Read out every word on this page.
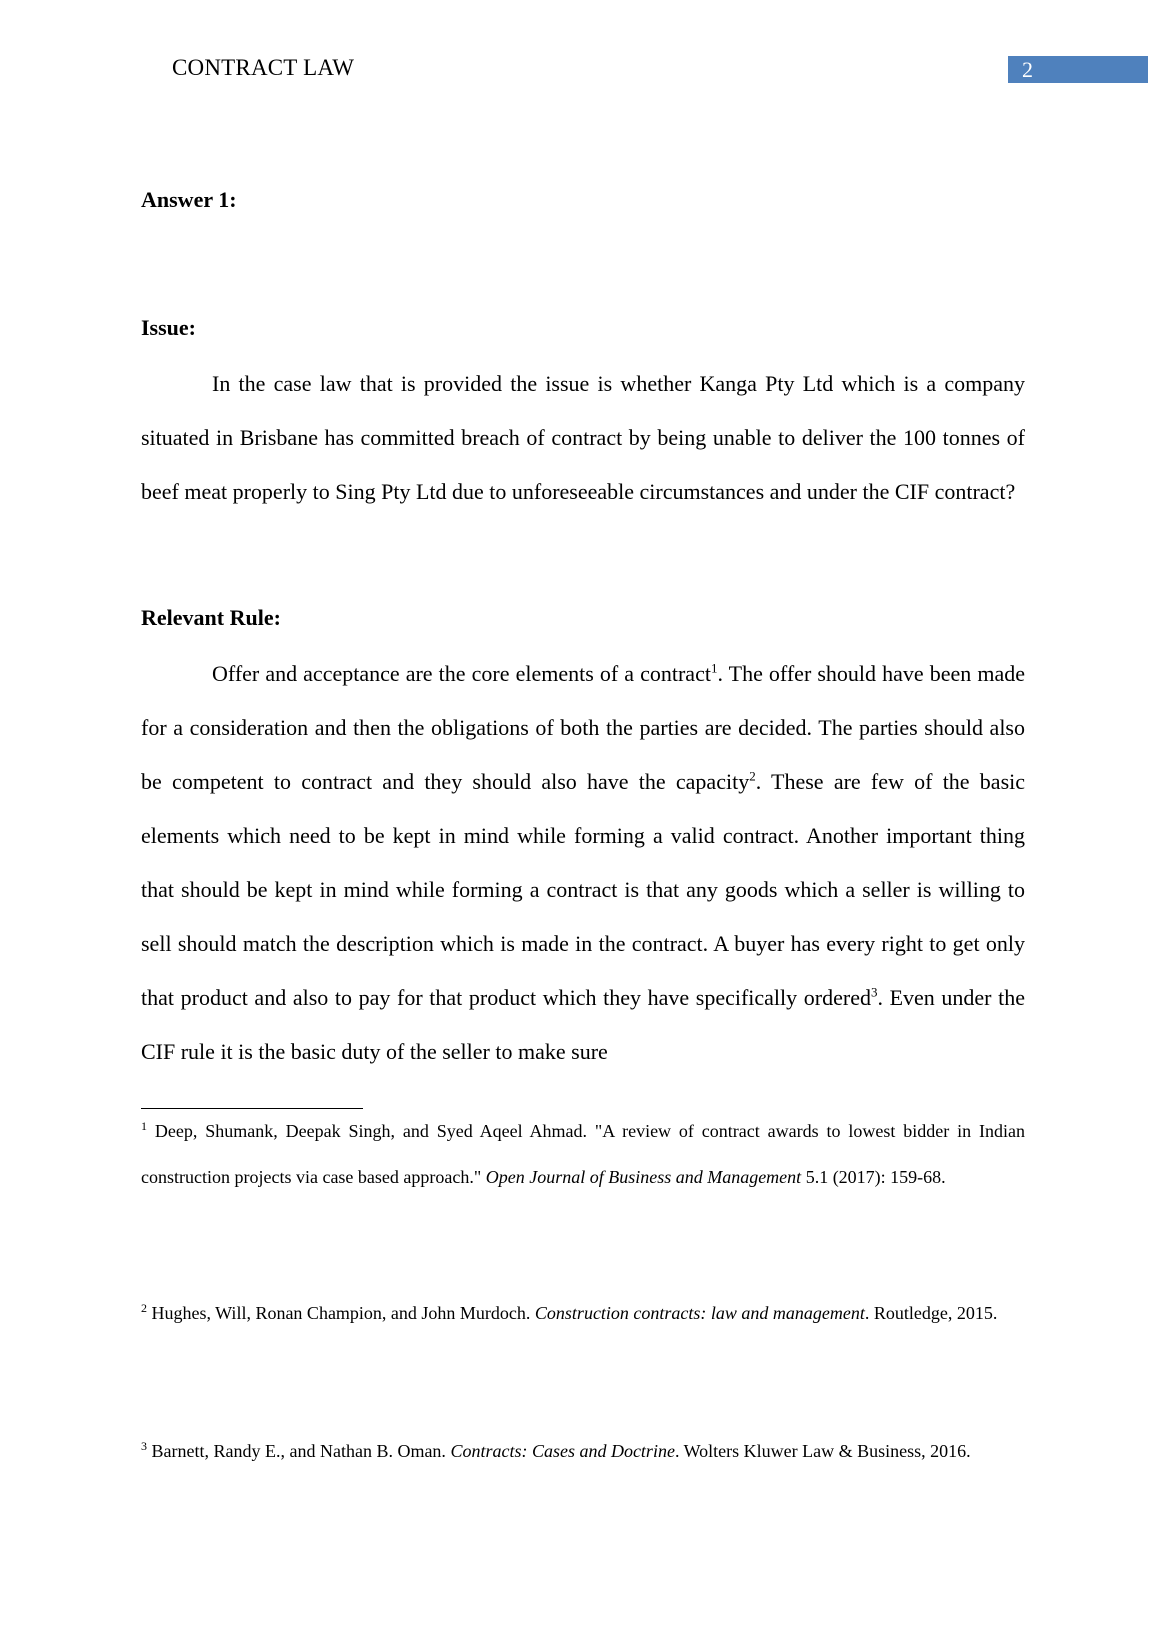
CONTRACT LAW	2
Answer 1:
Issue:

In the case law that is provided the issue is whether Kanga Pty Ltd which is a company situated in Brisbane has committed breach of contract by being unable to deliver the 100 tonnes of beef meat properly to Sing Pty Ltd due to unforeseeable circumstances and under the CIF contract?

Relevant Rule:

Offer and acceptance are the core elements of a contract$^1$. The offer should have been made for a consideration and then the obligations of both the parties are decided. The parties should also be competent to contract and they should also have the capacity$^2$. These are few of the basic elements which need to be kept in mind while forming a valid contract. Another important thing that should be kept in mind while forming a contract is that any goods which a seller is willing to sell should match the description which is made in the contract. A buyer has every right to get only that product and also to pay for that product which they have specifically ordered$^3$. Even under the CIF rule it is the basic duty of the seller to make sure

$^1$ Deep, Shumank, Deepak Singh, and Syed Aqeel Ahmad. "A review of contract awards to lowest bidder in Indian construction projects via case based approach." Open Journal of Business and Management 5.1 (2017): 159-68.

$^2$ Hughes, Will, Ronan Champion, and John Murdoch. Construction contracts: law and management. Routledge, 2015.

$^3$ Barnett, Randy E., and Nathan B. Oman. Contracts: Cases and Doctrine. Wolters Kluwer Law & Business, 2016.
